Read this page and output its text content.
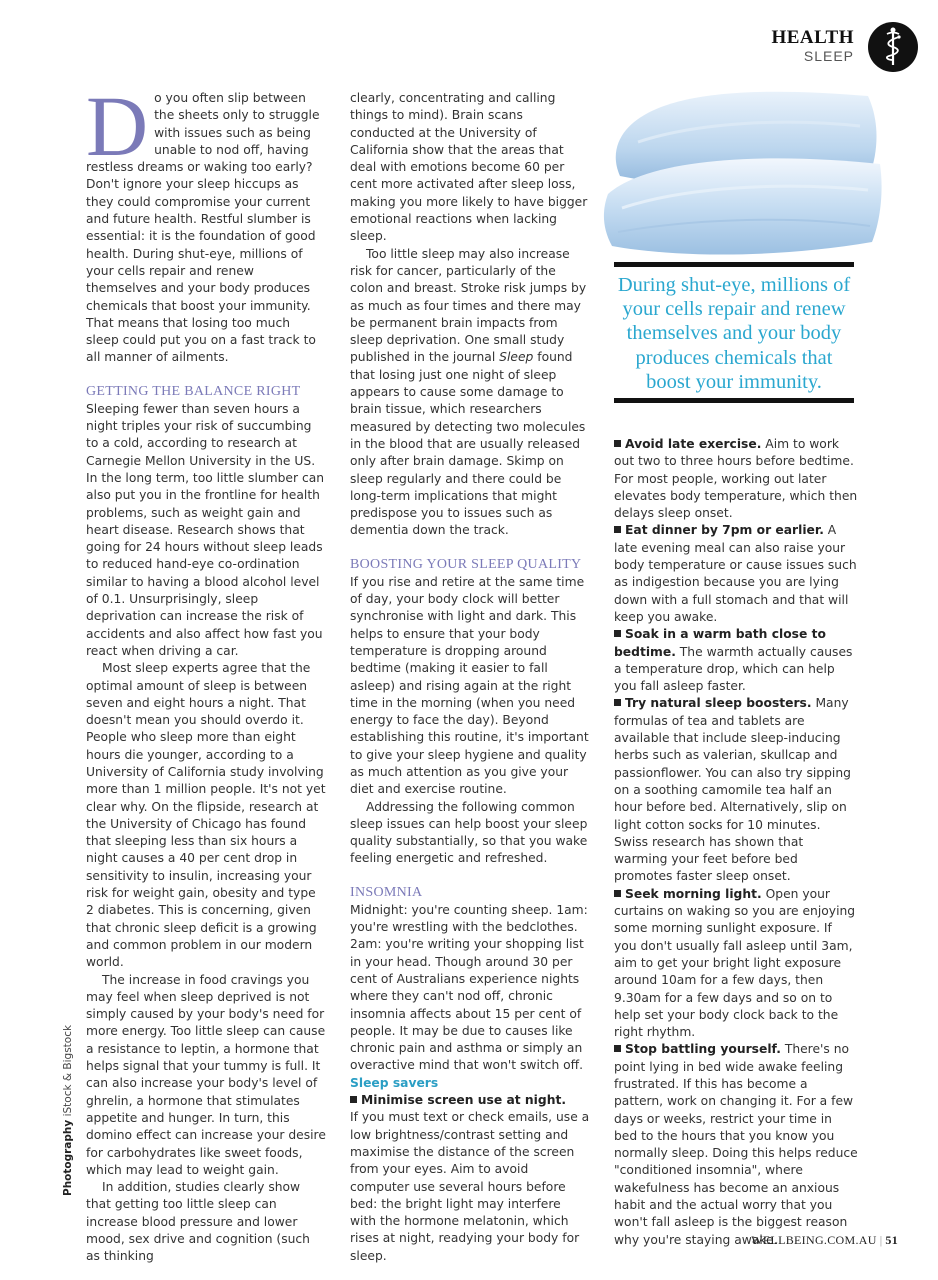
HEALTH
SLEEP

Do you often slip between the sheets only to struggle with issues such as being unable to nod off, having restless dreams or waking too early? Don't ignore your sleep hiccups as they could compromise your current and future health. Restful slumber is essential: it is the foundation of good health. During shut-eye, millions of your cells repair and renew themselves and your body produces chemicals that boost your immunity. That means that losing too much sleep could put you on a fast track to all manner of ailments.

GETTING THE BALANCE RIGHT

Sleeping fewer than seven hours a night triples your risk of succumbing to a cold, according to research at Carnegie Mellon University in the US. In the long term, too little slumber can also put you in the frontline for health problems, such as weight gain and heart disease. Research shows that going for 24 hours without sleep leads to reduced hand-eye co-ordination similar to having a blood alcohol level of 0.1. Unsurprisingly, sleep deprivation can increase the risk of accidents and also affect how fast you react when driving a car.

Most sleep experts agree that the optimal amount of sleep is between seven and eight hours a night. That doesn't mean you should overdo it. People who sleep more than eight hours die younger, according to a University of California study involving more than 1 million people. It's not yet clear why. On the flipside, research at the University of Chicago has found that sleeping less than six hours a night causes a 40 per cent drop in sensitivity to insulin, increasing your risk for weight gain, obesity and type 2 diabetes. This is concerning, given that chronic sleep deficit is a growing and common problem in our modern world.

The increase in food cravings you may feel when sleep deprived is not simply caused by your body's need for more energy. Too little sleep can cause a resistance to leptin, a hormone that helps signal that your tummy is full. It can also increase your body's level of ghrelin, a hormone that stimulates appetite and hunger. In turn, this domino effect can increase your desire for carbohydrates like sweet foods, which may lead to weight gain.

In addition, studies clearly show that getting too little sleep can increase blood pressure and lower mood, sex drive and cognition (such as thinking

clearly, concentrating and calling things to mind). Brain scans conducted at the University of California show that the areas that deal with emotions become 60 per cent more activated after sleep loss, making you more likely to have bigger emotional reactions when lacking sleep.

Too little sleep may also increase risk for cancer, particularly of the colon and breast. Stroke risk jumps by as much as four times and there may be permanent brain impacts from sleep deprivation. One small study published in the journal Sleep found that losing just one night of sleep appears to cause some damage to brain tissue, which researchers measured by detecting two molecules in the blood that are usually released only after brain damage. Skimp on sleep regularly and there could be long-term implications that might predispose you to issues such as dementia down the track.

BOOSTING YOUR SLEEP QUALITY

If you rise and retire at the same time of day, your body clock will better synchronise with light and dark. This helps to ensure that your body temperature is dropping around bedtime (making it easier to fall asleep) and rising again at the right time in the morning (when you need energy to face the day). Beyond establishing this routine, it's important to give your sleep hygiene and quality as much attention as you give your diet and exercise routine.

Addressing the following common sleep issues can help boost your sleep quality substantially, so that you wake feeling energetic and refreshed.

INSOMNIA

Midnight: you're counting sheep. 1am: you're wrestling with the bedclothes. 2am: you're writing your shopping list in your head. Though around 30 per cent of Australians experience nights where they can't nod off, chronic insomnia affects about 15 per cent of people. It may be due to causes like chronic pain and asthma or simply an overactive mind that won't switch off.

Sleep savers

Minimise screen use at night.

If you must text or check emails, use a low brightness/contrast setting and maximise the distance of the screen from your eyes. Aim to avoid computer use several hours before bed: the bright light may interfere with the hormone melatonin, which rises at night, readying your body for sleep.

During shut-eye, millions of your cells repair and renew themselves and your body produces chemicals that boost your immunity.

Avoid late exercise. Aim to work out two to three hours before bedtime. For most people, working out later elevates body temperature, which then delays sleep onset.

Eat dinner by 7pm or earlier. A late evening meal can also raise your body temperature or cause issues such as indigestion because you are lying down with a full stomach and that will keep you awake.

Soak in a warm bath close to bedtime. The warmth actually causes a temperature drop, which can help you fall asleep faster.

Try natural sleep boosters. Many formulas of tea and tablets are available that include sleep-inducing herbs such as valerian, skullcap and passionflower. You can also try sipping on a soothing camomile tea half an hour before bed. Alternatively, slip on light cotton socks for 10 minutes. Swiss research has shown that warming your feet before bed promotes faster sleep onset.

Seek morning light. Open your curtains on waking so you are enjoying some morning sunlight exposure. If you don't usually fall asleep until 3am, aim to get your bright light exposure around 10am for a few days, then 9.30am for a few days and so on to help set your body clock back to the right rhythm.

Stop battling yourself. There's no point lying in bed wide awake feeling frustrated. If this has become a pattern, work on changing it. For a few days or weeks, restrict your time in bed to the hours that you know you normally sleep. Doing this helps reduce "conditioned insomnia", where wakefulness has become an anxious habit and the actual worry that you won't fall asleep is the biggest reason why you're staying awake.

Photography iStock & Bigstock
WELLBEING.COM.AU | 51
